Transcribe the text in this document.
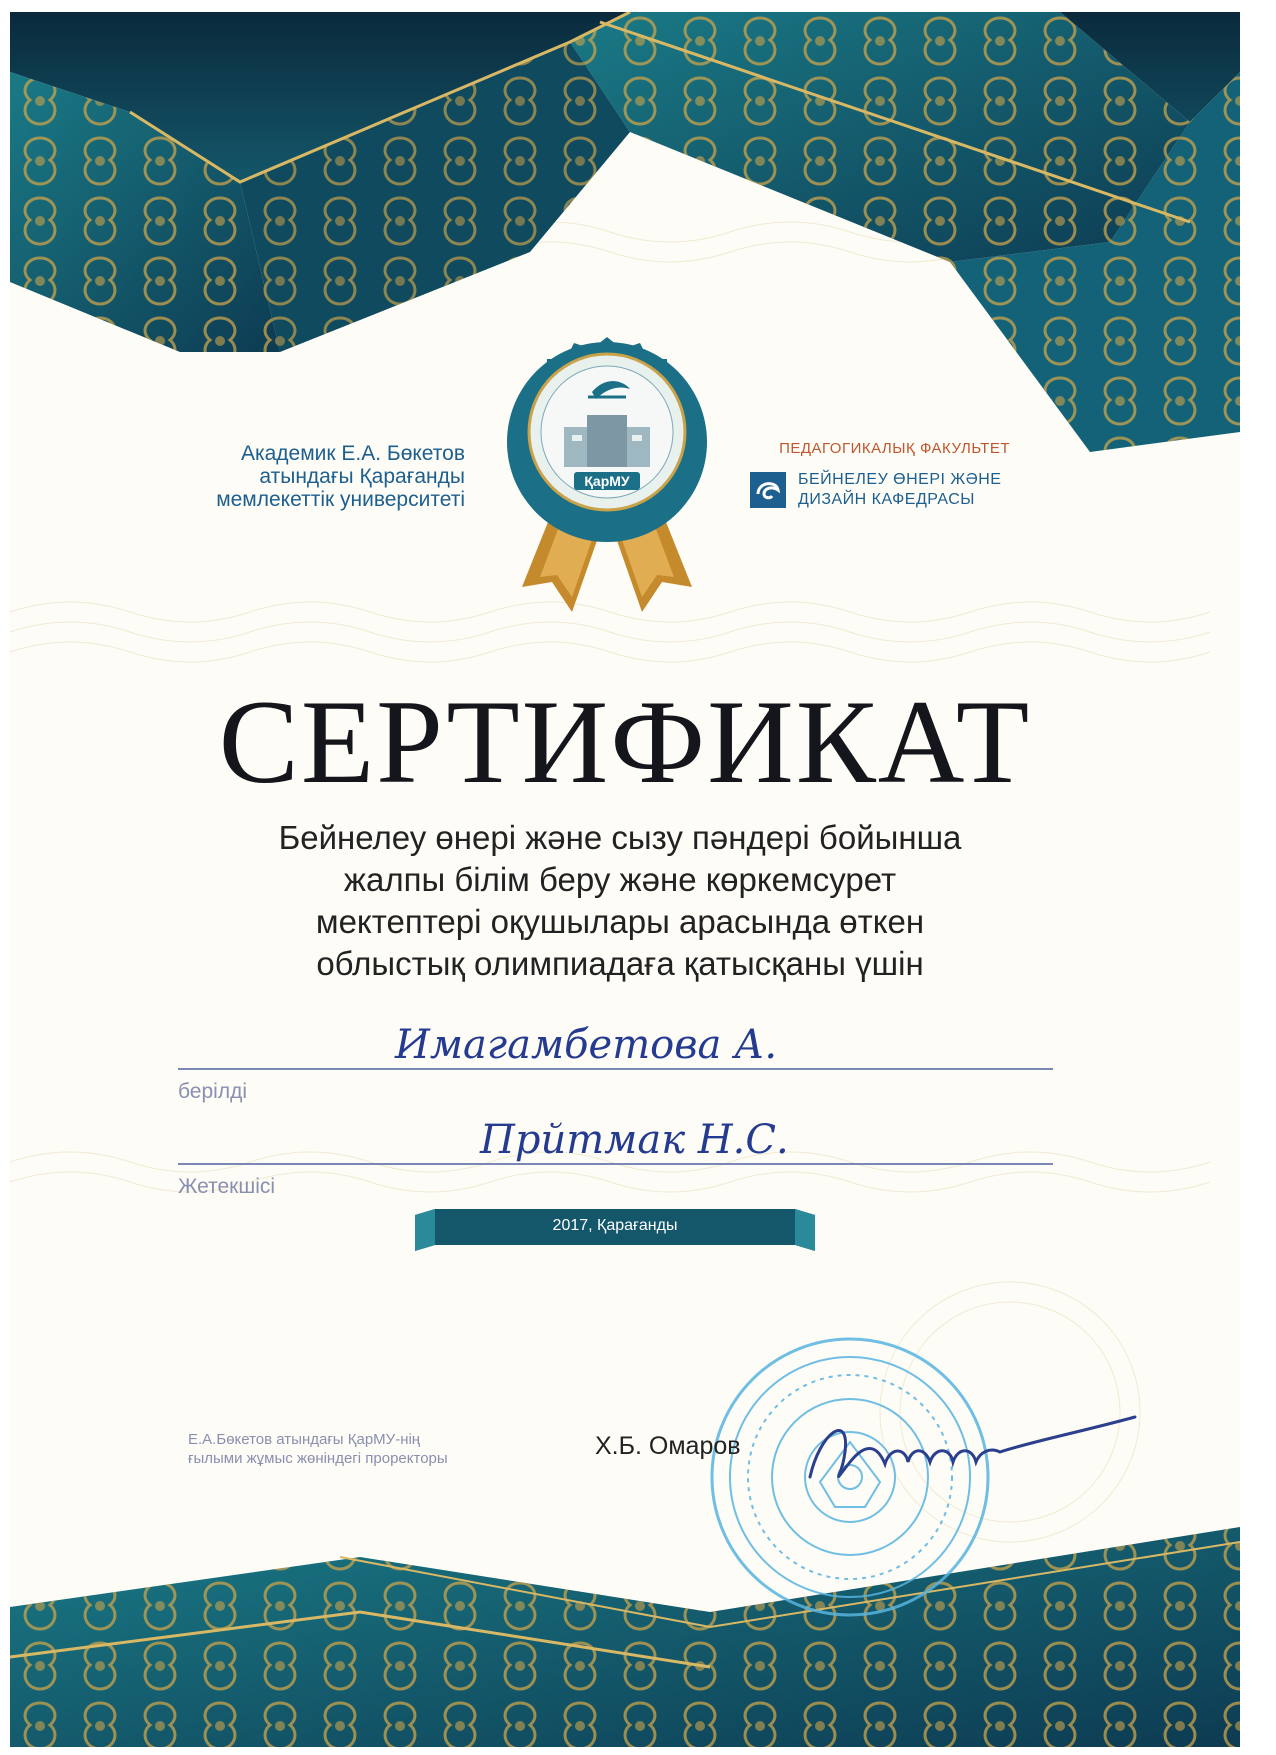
Академик Е.А. Бөкетов
атындағы Қарағанды
мемлекеттік университеті
ҚарМУ
ПЕДАГОГИКАЛЫҚ ФАКУЛЬТЕТ
БЕЙНЕЛЕУ ӨНЕРІ ЖӘНЕ
ДИЗАЙН КАФЕДРАСЫ
СЕРТИФИКАТ
Бейнелеу өнері және сызу пәндері бойынша
жалпы білім беру және көркемсурет
мектептері оқушылары арасында өткен
облыстық олимпиадаға қатысқаны үшін
Имагамбетова А.
берілді
Прйтмак Н.С.
Жетекшісі
2017, Қарағанды
Е.А.Бөкетов атындағы ҚарМУ-нің
ғылыми жұмыс жөніндегі проректоры	Х.Б. Омаров
